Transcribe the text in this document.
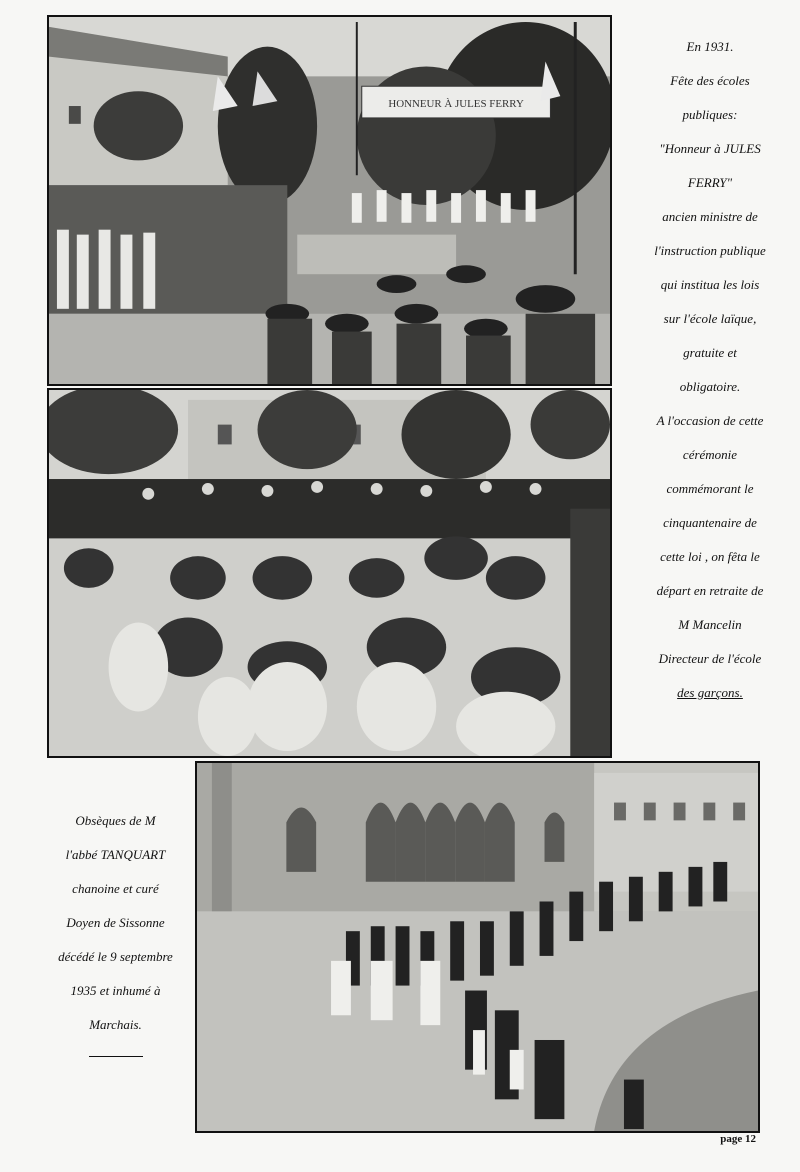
HONNEUR À JULES FERRY

En 1931.

Fête des écoles

publiques:

"Honneur à JULES

FERRY"

ancien ministre de

l'instruction publique

qui institua les lois

sur l'école laïque,

gratuite et

obligatoire.

A l'occasion de cette

cérémonie

commémorant le

cinquantenaire de

cette loi , on fêta le

départ en retraite de

M Mancelin

Directeur de l'école

des garçons.

Obsèques de M

l'abbé TANQUART

chanoine et curé

Doyen de Sissonne

décédé le 9 septembre

1935 et inhumé à

Marchais.

page 12
